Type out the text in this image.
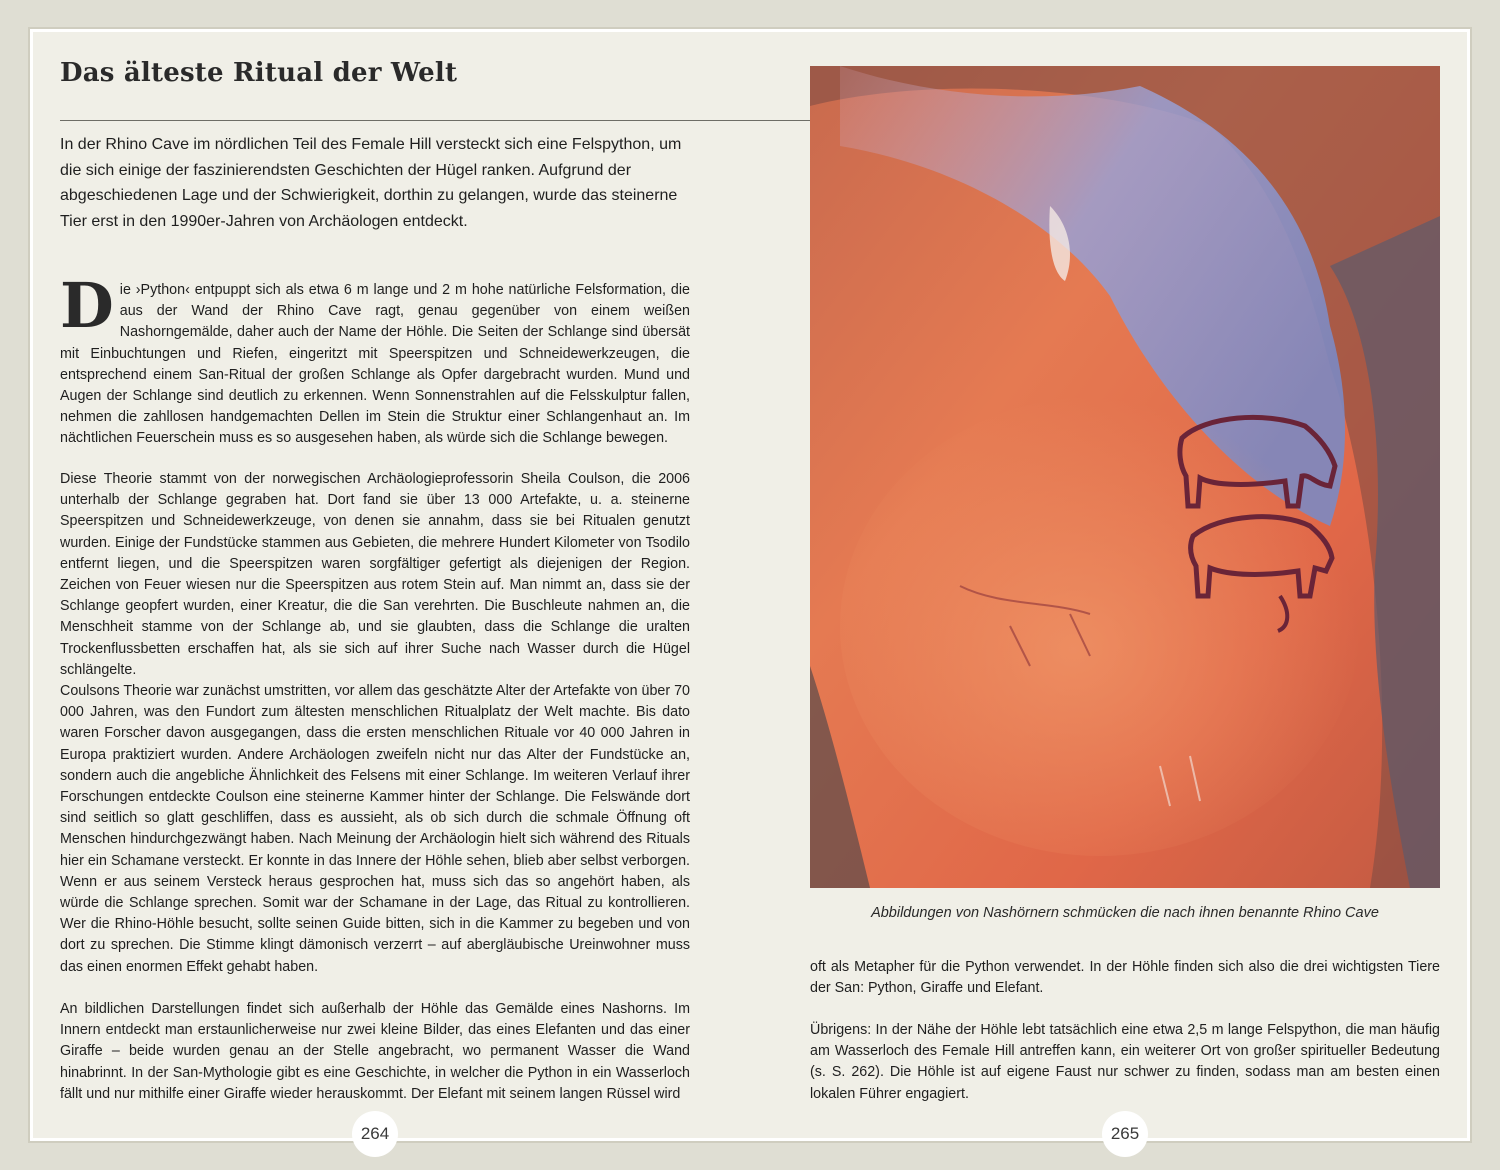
Das älteste Ritual der Welt

In der Rhino Cave im nördlichen Teil des Female Hill versteckt sich eine Felspython, um die sich einige der faszinierendsten Geschichten der Hügel ranken. Aufgrund der abgeschiedenen Lage und der Schwierigkeit, dorthin zu gelangen, wurde das steinerne Tier erst in den 1990er-Jahren von Archäologen entdeckt.

Die ›Python‹ entpuppt sich als etwa 6 m lange und 2 m hohe natürliche Felsformation, die aus der Wand der Rhino Cave ragt, genau gegenüber von einem weißen Nashorngemälde, daher auch der Name der Höhle. Die Seiten der Schlange sind übersät mit Einbuchtungen und Riefen, eingeritzt mit Speerspitzen und Schneidewerkzeugen, die entsprechend einem San-Ritual der großen Schlange als Opfer dargebracht wurden. Mund und Augen der Schlange sind deutlich zu erkennen. Wenn Sonnenstrahlen auf die Felsskulptur fallen, nehmen die zahllosen handgemachten Dellen im Stein die Struktur einer Schlangenhaut an. Im nächtlichen Feuerschein muss es so ausgesehen haben, als würde sich die Schlange bewegen.

Diese Theorie stammt von der norwegischen Archäologieprofessorin Sheila Coulson, die 2006 unterhalb der Schlange gegraben hat. Dort fand sie über 13 000 Artefakte, u. a. steinerne Speerspitzen und Schneidewerkzeuge, von denen sie annahm, dass sie bei Ritualen genutzt wurden. Einige der Fundstücke stammen aus Gebieten, die mehrere Hundert Kilometer von Tsodilo entfernt liegen, und die Speerspitzen waren sorgfältiger gefertigt als diejenigen der Region. Zeichen von Feuer wiesen nur die Speerspitzen aus rotem Stein auf. Man nimmt an, dass sie der Schlange geopfert wurden, einer Kreatur, die die San verehrten. Die Buschleute nahmen an, die Menschheit stamme von der Schlange ab, und sie glaubten, dass die Schlange die uralten Trockenflussbetten erschaffen hat, als sie sich auf ihrer Suche nach Wasser durch die Hügel schlängelte.

Coulsons Theorie war zunächst umstritten, vor allem das geschätzte Alter der Artefakte von über 70 000 Jahren, was den Fundort zum ältesten menschlichen Ritualplatz der Welt machte. Bis dato waren Forscher davon ausgegangen, dass die ersten menschlichen Rituale vor 40 000 Jahren in Europa praktiziert wurden. Andere Archäologen zweifeln nicht nur das Alter der Fundstücke an, sondern auch die angebliche Ähnlichkeit des Felsens mit einer Schlange. Im weiteren Verlauf ihrer Forschungen entdeckte Coulson eine steinerne Kammer hinter der Schlange. Die Felswände dort sind seitlich so glatt geschliffen, dass es aussieht, als ob sich durch die schmale Öffnung oft Menschen hindurchgezwängt haben. Nach Meinung der Archäologin hielt sich während des Rituals hier ein Schamane versteckt. Er konnte in das Innere der Höhle sehen, blieb aber selbst verborgen. Wenn er aus seinem Versteck heraus gesprochen hat, muss sich das so angehört haben, als würde die Schlange sprechen. Somit war der Schamane in der Lage, das Ritual zu kontrollieren. Wer die Rhino-Höhle besucht, sollte seinen Guide bitten, sich in die Kammer zu begeben und von dort zu sprechen. Die Stimme klingt dämonisch verzerrt – auf abergläubische Ureinwohner muss das einen enormen Effekt gehabt haben.

An bildlichen Darstellungen findet sich außerhalb der Höhle das Gemälde eines Nashorns. Im Innern entdeckt man erstaunlicherweise nur zwei kleine Bilder, das eines Elefanten und das einer Giraffe – beide wurden genau an der Stelle angebracht, wo permanent Wasser die Wand hinabrinnt. In der San-Mythologie gibt es eine Geschichte, in welcher die Python in ein Wasserloch fällt und nur mithilfe einer Giraffe wieder herauskommt. Der Elefant mit seinem langen Rüssel wird

264

Abbildungen von Nashörnern schmücken die nach ihnen benannte Rhino Cave

oft als Metapher für die Python verwendet. In der Höhle finden sich also die drei wichtigsten Tiere der San: Python, Giraffe und Elefant.

Übrigens: In der Nähe der Höhle lebt tatsächlich eine etwa 2,5 m lange Felspython, die man häufig am Wasserloch des Female Hill antreffen kann, ein weiterer Ort von großer spiritueller Bedeutung (s. S. 262). Die Höhle ist auf eigene Faust nur schwer zu finden, sodass man am besten einen lokalen Führer engagiert.

265
